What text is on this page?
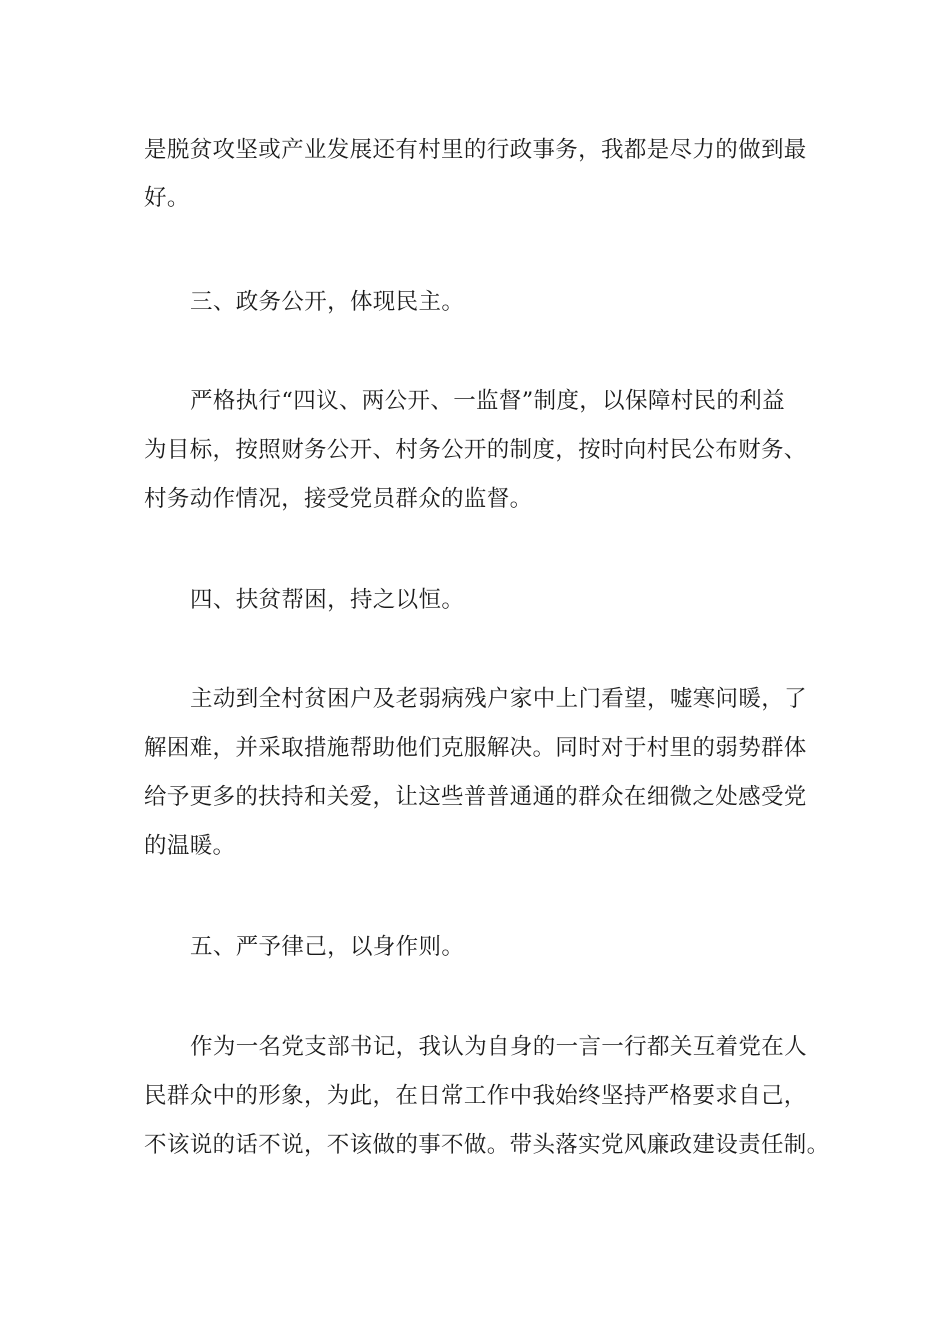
是脱贫攻坚或产业发展还有村里的行政事务，我都是尽力的做到最
好。
三、政务公开，体现民主。
严格执行“四议、两公开、一监督”制度，以保障村民的利益
为目标，按照财务公开、村务公开的制度，按时向村民公布财务、
村务动作情况，接受党员群众的监督。
四、扶贫帮困，持之以恒。
主动到全村贫困户及老弱病残户家中上门看望，嘘寒问暖，了
解困难，并采取措施帮助他们克服解决。同时对于村里的弱势群体
给予更多的扶持和关爱，让这些普普通通的群众在细微之处感受党
的温暖。
五、严予律己，以身作则。
作为一名党支部书记，我认为自身的一言一行都关互着党在人
民群众中的形象，为此，在日常工作中我始终坚持严格要求自己，
不该说的话不说，不该做的事不做。带头落实党风廉政建设责任制。
